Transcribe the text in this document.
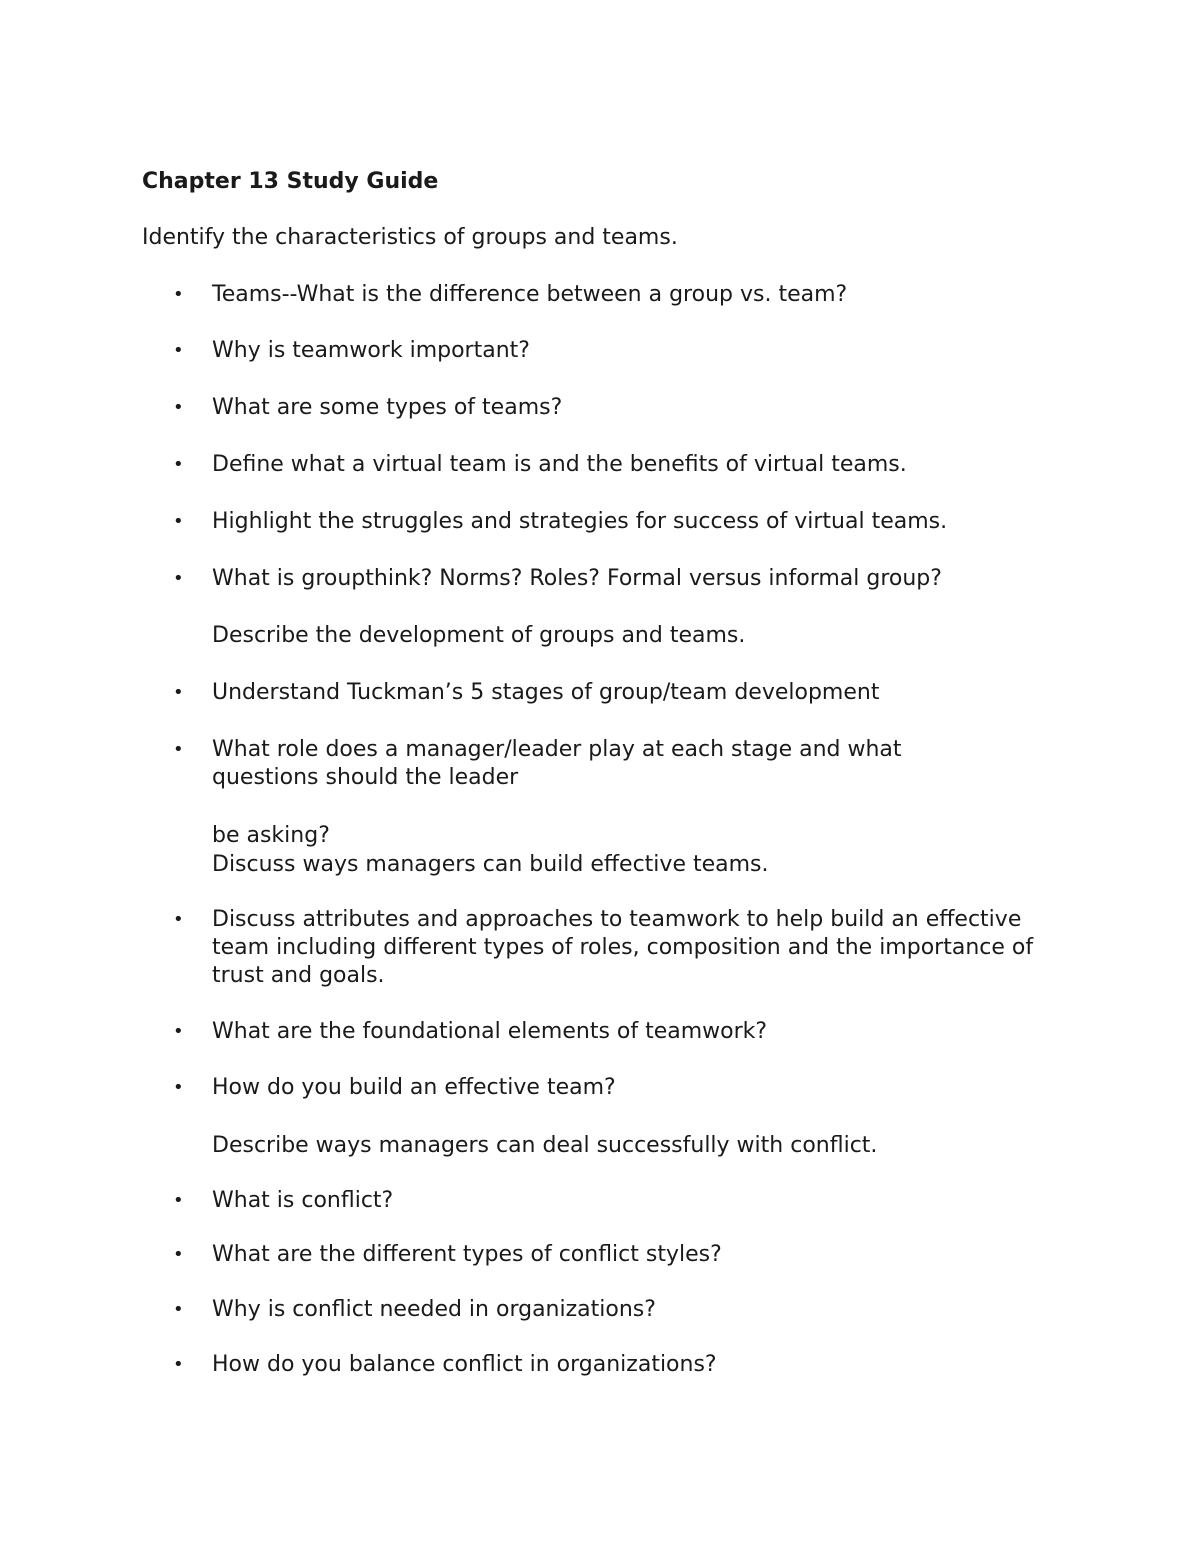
Chapter 13 Study Guide
Identify the characteristics of groups and teams.
• Teams--What is the difference between a group vs. team?
• Why is teamwork important?
• What are some types of teams?
• Define what a virtual team is and the benefits of virtual teams.
• Highlight the struggles and strategies for success of virtual teams.
• What is groupthink? Norms? Roles? Formal versus informal group?
Describe the development of groups and teams.
• Understand Tuckman’s 5 stages of group/team development
• What role does a manager/leader play at each stage and what questions should the leader
be asking?
Discuss ways managers can build effective teams.
• Discuss attributes and approaches to teamwork to help build an effective team including different types of roles, composition and the importance of trust and goals.
• What are the foundational elements of teamwork?
• How do you build an effective team?
Describe ways managers can deal successfully with conflict.
• What is conflict?
• What are the different types of conflict styles?
• Why is conflict needed in organizations?
• How do you balance conflict in organizations?
